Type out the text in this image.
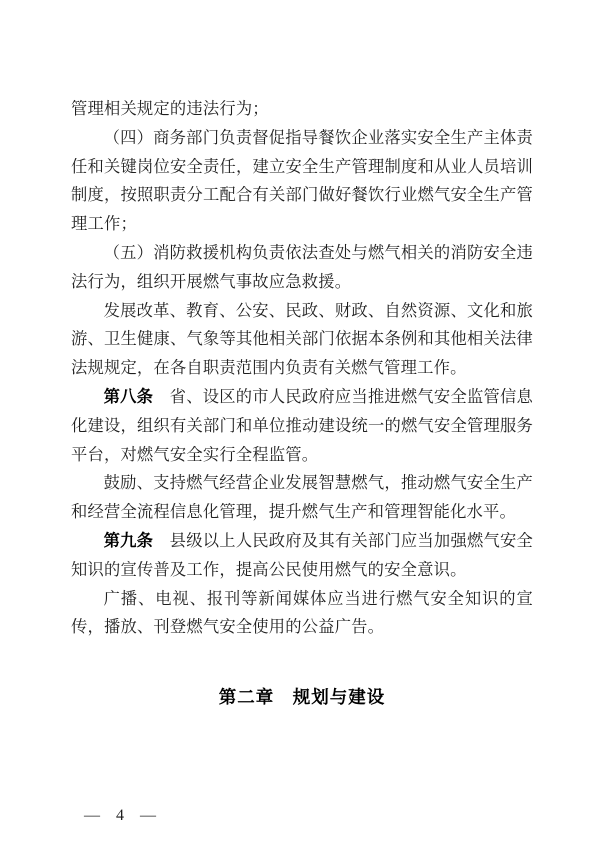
管理相关规定的违法行为；

（四）商务部门负责督促指导餐饮企业落实安全生产主体责任和关键岗位安全责任，建立安全生产管理制度和从业人员培训制度，按照职责分工配合有关部门做好餐饮行业燃气安全生产管理工作；

（五）消防救援机构负责依法查处与燃气相关的消防安全违法行为，组织开展燃气事故应急救援。

发展改革、教育、公安、民政、财政、自然资源、文化和旅游、卫生健康、气象等其他相关部门依据本条例和其他相关法律法规规定，在各自职责范围内负责有关燃气管理工作。

第八条　省、设区的市人民政府应当推进燃气安全监管信息化建设，组织有关部门和单位推动建设统一的燃气安全管理服务平台，对燃气安全实行全程监管。

鼓励、支持燃气经营企业发展智慧燃气，推动燃气安全生产和经营全流程信息化管理，提升燃气生产和管理智能化水平。

第九条　县级以上人民政府及其有关部门应当加强燃气安全知识的宣传普及工作，提高公民使用燃气的安全意识。

广播、电视、报刊等新闻媒体应当进行燃气安全知识的宣传，播放、刊登燃气安全使用的公益广告。

第二章　规划与建设
— 4 —
